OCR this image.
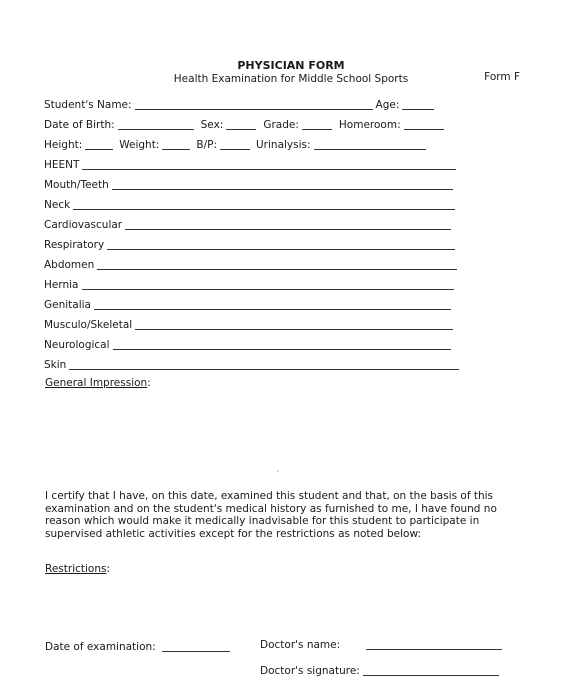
PHYSICIAN FORM
Health Examination for Middle School Sports	Form F
Student's Name:	Age:
Date of Birth:	Sex:	Grade:	Homeroom:
Height:	Weight:	B/P:	Urinalysis:
HEENT
Mouth/Teeth
Neck
Cardiovascular
Respiratory
Abdomen
Hernia
Genitalia
Musculo/Skeletal
Neurological
Skin
General Impression:
I certify that I have, on this date, examined this student and that, on the basis of this examination and on the student's medical history as furnished to me, I have found no reason which would make it medically inadvisable for this student to participate in supervised athletic activities except for the restrictions as noted below:
Restrictions:
Date of examination:	Doctor's name:
Doctor's signature:
